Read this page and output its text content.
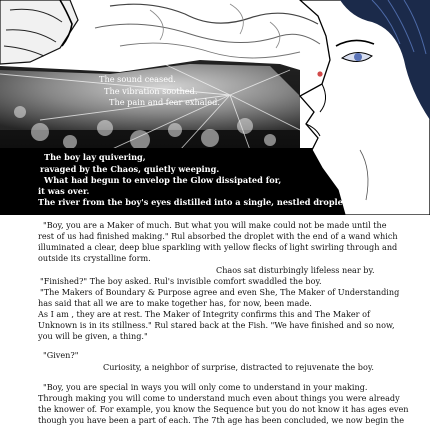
The sound ceased.
The vibration soothed.
The pain and fear exhaled.
The boy lay quivering,
ravaged by the Chaos, quietly weeping.
What had begun to envelop the Glow dissipated for,
it was over.
The river from the boy's eyes distilled into a single, nestled droplet.
"Boy, you are a Maker of much. But what you will make could not be made until the
rest of us had finished making." Rul absorbed the droplet with the end of a wand which
illuminated a clear, deep blue sparkling with yellow flecks of light swirling through and
outside its crystalline form.
Chaos sat disturbingly lifeless near by.
"Finished?" The boy asked. Rul's invisible comfort swaddled the boy.
"The Makers of Boundary & Purpose agree and even She, The Maker of Understanding
has said that all we are to make together has, for now, been made.
As I am , they are at rest. The Maker of Integrity confirms this and The Maker of
Unknown is in its stillness." Rul stared back at the Fish. "We have finished and so now,
you will be given, a thing."
"Given?"
Curiosity, a neighbor of surprise, distracted to rejuvenate the boy.
"Boy, you are special in ways you will only come to understand in your making.
Through making you will come to understand much even about things you were already
the knower of. For example, you know the Sequence but you do not know it has ages even
though you have been a part of each. The 7th age has been concluded, we now begin the
